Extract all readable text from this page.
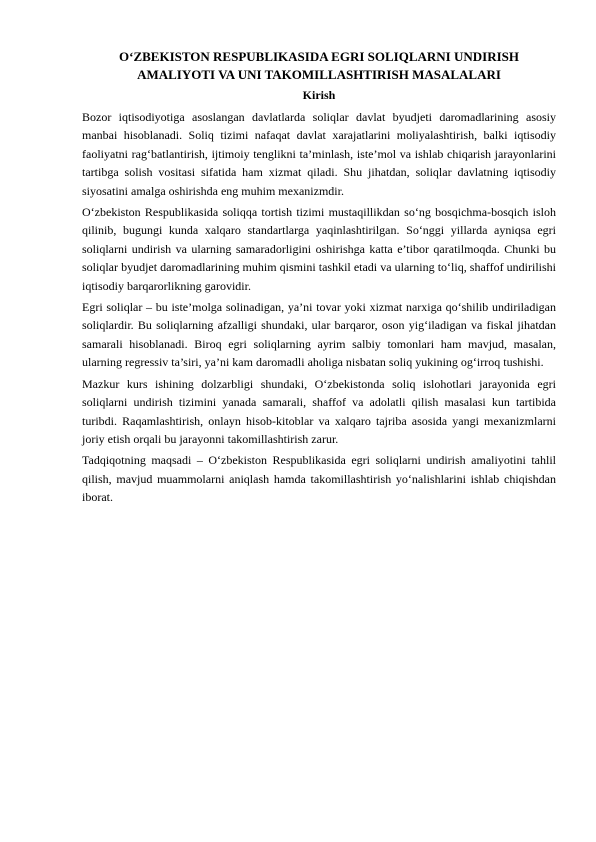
O‘ZBEKISTON RESPUBLIKASIDA EGRI SOLIQLARNI UNDIRISH
AMALIYOTI VA UNI TAKOMILLASHTIRISH MASALALARI
Kirish

Bozor iqtisodiyotiga asoslangan davlatlarda soliqlar davlat byudjeti daromadlarining asosiy manbai hisoblanadi. Soliq tizimi nafaqat davlat xarajatlarini moliyalashtirish, balki iqtisodiy faoliyatni rag‘batlantirish, ijtimoiy tenglikni ta’minlash, iste’mol va ishlab chiqarish jarayonlarini tartibga solish vositasi sifatida ham xizmat qiladi. Shu jihatdan, soliqlar davlatning iqtisodiy siyosatini amalga oshirishda eng muhim mexanizmdir.

O‘zbekiston Respublikasida soliqqa tortish tizimi mustaqillikdan so‘ng bosqichma-bosqich isloh qilinib, bugungi kunda xalqaro standartlarga yaqinlashtirilgan. So‘nggi yillarda ayniqsa egri soliqlarni undirish va ularning samaradorligini oshirishga katta e’tibor qaratilmoqda. Chunki bu soliqlar byudjet daromadlarining muhim qismini tashkil etadi va ularning to‘liq, shaffof undirilishi iqtisodiy barqarorlikning garovidir.

Egri soliqlar – bu iste’molga solinadigan, ya’ni tovar yoki xizmat narxiga qo‘shilib undiriladigan soliqlardir. Bu soliqlarning afzalligi shundaki, ular barqaror, oson yig‘iladigan va fiskal jihatdan samarali hisoblanadi. Biroq egri soliqlarning ayrim salbiy tomonlari ham mavjud, masalan, ularning regressiv ta’siri, ya’ni kam daromadli aholiga nisbatan soliq yukining og‘irroq tushishi.

Mazkur kurs ishining dolzarbligi shundaki, O‘zbekistonda soliq islohotlari jarayonida egri soliqlarni undirish tizimini yanada samarali, shaffof va adolatli qilish masalasi kun tartibida turibdi. Raqamlashtirish, onlayn hisob-kitoblar va xalqaro tajriba asosida yangi mexanizmlarni joriy etish orqali bu jarayonni takomillashtirish zarur.

Tadqiqotning maqsadi – O‘zbekiston Respublikasida egri soliqlarni undirish amaliyotini tahlil qilish, mavjud muammolarni aniqlash hamda takomillashtirish yo‘nalishlarini ishlab chiqishdan iborat.
